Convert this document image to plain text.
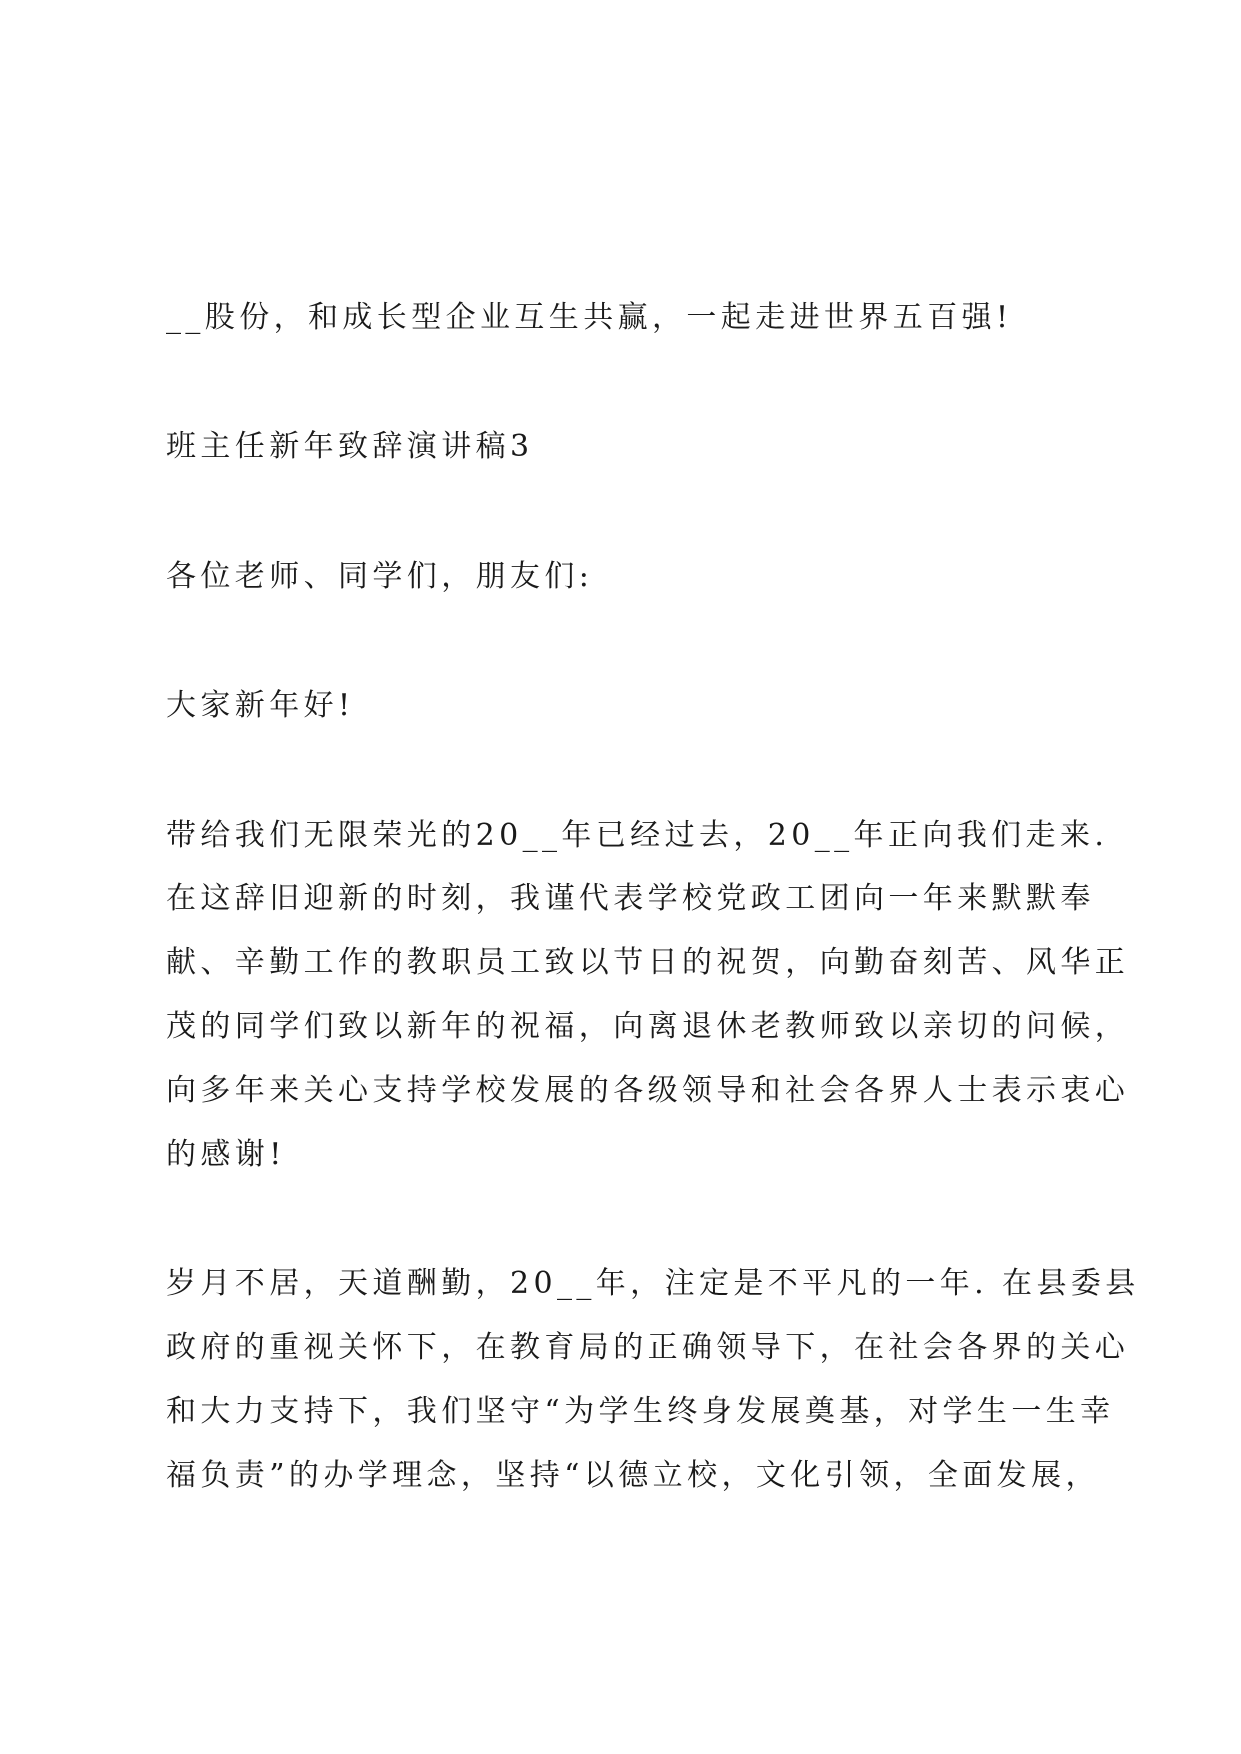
__股份，和成长型企业互生共赢，一起走进世界五百强!
班主任新年致辞演讲稿3
各位老师、同学们，朋友们:
大家新年好!
带给我们无限荣光的20__年已经过去，20__年正向我们走来.
在这辞旧迎新的时刻，我谨代表学校党政工团向一年来默默奉
献、辛勤工作的教职员工致以节日的祝贺，向勤奋刻苦、风华正
茂的同学们致以新年的祝福，向离退休老教师致以亲切的问候，
向多年来关心支持学校发展的各级领导和社会各界人士表示衷心
的感谢!
岁月不居，天道酬勤，20__年，注定是不平凡的一年. 在县委县
政府的重视关怀下，在教育局的正确领导下，在社会各界的关心
和大力支持下，我们坚守“为学生终身发展奠基，对学生一生幸
福负责”的办学理念，坚持“以德立校，文化引领，全面发展，
